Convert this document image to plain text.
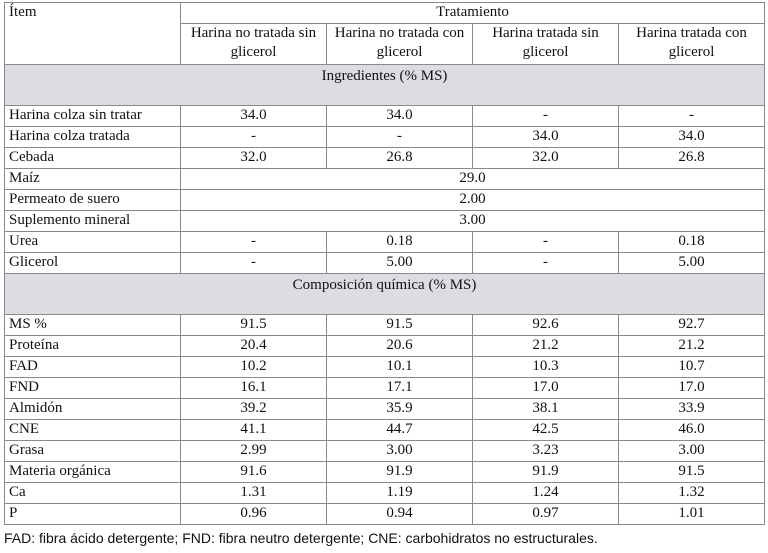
Ítem	Tratamiento			
	Harina no tratada sin glicerol	Harina no tratada con glicerol	Harina tratada sin glicerol	Harina tratada con glicerol
Ingredientes (% MS)				
Harina colza sin tratar	34.0	34.0	-	-
Harina colza tratada	-	-	34.0	34.0
Cebada	32.0	26.8	32.0	26.8
Maíz	29.0			
Permeato de suero	2.00			
Suplemento mineral	3.00			
Urea	-	0.18	-	0.18
Glicerol	-	5.00	-	5.00
Composición química (% MS)				
MS %	91.5	91.5	92.6	92.7
Proteína	20.4	20.6	21.2	21.2
FAD	10.2	10.1	10.3	10.7
FND	16.1	17.1	17.0	17.0
Almidón	39.2	35.9	38.1	33.9
CNE	41.1	44.7	42.5	46.0
Grasa	2.99	3.00	3.23	3.00
Materia orgánica	91.6	91.9	91.9	91.5
Ca	1.31	1.19	1.24	1.32
P	0.96	0.94	0.97	1.01
FAD: fibra ácido detergente; FND: fibra neutro detergente; CNE: carbohidratos no estructurales.
